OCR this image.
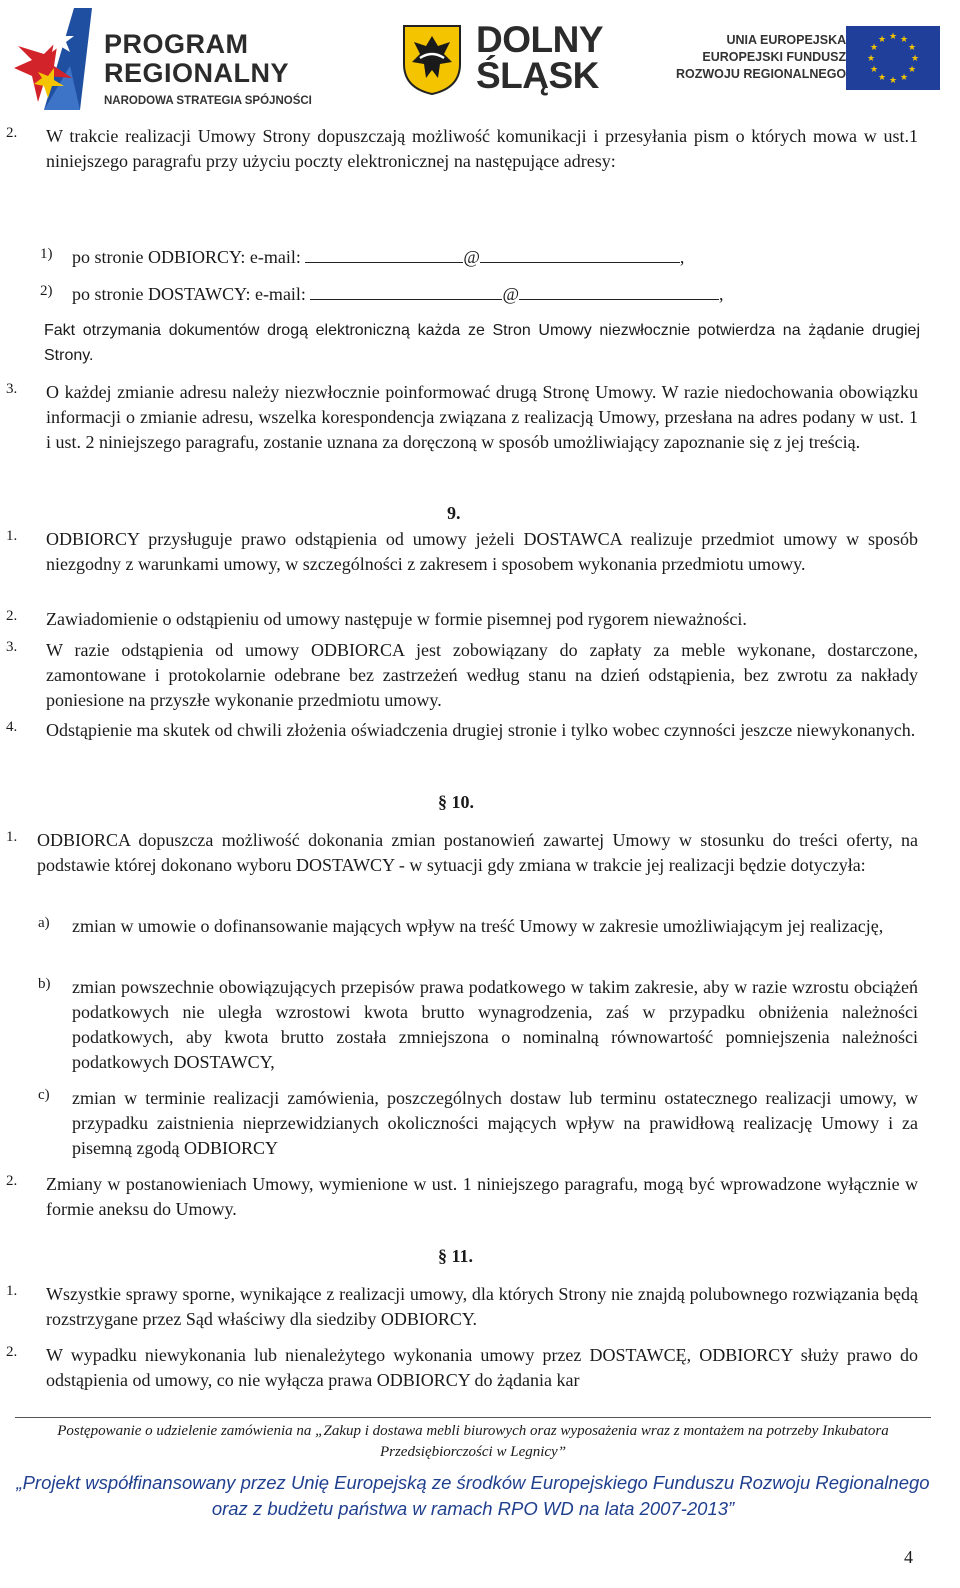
PROGRAM
REGIONALNY
NARODOWA STRATEGIA SPÓJNOŚCI
DOLNY
ŚLĄSK
UNIA EUROPEJSKA
EUROPEJSKI FUNDUSZ
ROZWOJU REGIONALNEGO
★ ★
★
★
★
★
★
★
★
★
★
★
2. W trakcie realizacji Umowy Strony dopuszczają możliwość komunikacji i przesyłania pism o których mowa w ust.1 niniejszego paragrafu przy użyciu poczty elektronicznej na następujące adresy:
1) po stronie ODBIORCY: e-mail:	@	,
2) po stronie DOSTAWCY: e-mail:	@	,
Fakt otrzymania dokumentów drogą elektroniczną każda ze Stron Umowy niezwłocznie potwierdza na żądanie drugiej Strony.
3. O każdej zmianie adresu należy niezwłocznie poinformować drugą Stronę Umowy. W razie niedochowania obowiązku informacji o zmianie adresu, wszelka korespondencja związana z realizacją Umowy, przesłana na adres podany w ust. 1 i ust. 2 niniejszego paragrafu, zostanie uznana za doręczoną w sposób umożliwiający zapoznanie się z jej treścią.
9.
1. ODBIORCY przysługuje prawo odstąpienia od umowy jeżeli DOSTAWCA realizuje przedmiot umowy w sposób niezgodny z warunkami umowy, w szczególności z zakresem i sposobem wykonania przedmiotu umowy.
2. Zawiadomienie o odstąpieniu od umowy następuje w formie pisemnej pod rygorem nieważności.
3. W razie odstąpienia od umowy ODBIORCA jest zobowiązany do zapłaty za meble wykonane, dostarczone, zamontowane i protokolarnie odebrane bez zastrzeżeń według stanu na dzień odstąpienia, bez zwrotu za nakłady poniesione na przyszłe wykonanie przedmiotu umowy.
4. Odstąpienie ma skutek od chwili złożenia oświadczenia drugiej stronie i tylko wobec czynności jeszcze niewykonanych.
§ 10.
1. ODBIORCA dopuszcza możliwość dokonania zmian postanowień zawartej Umowy w stosunku do treści oferty, na podstawie której dokonano wyboru DOSTAWCY - w sytuacji gdy zmiana w trakcie jej realizacji będzie dotyczyła:
a) zmian w umowie o dofinansowanie mających wpływ na treść Umowy w zakresie umożliwiającym jej realizację,
b) zmian powszechnie obowiązujących przepisów prawa podatkowego w takim zakresie, aby w razie wzrostu obciążeń podatkowych nie uległa wzrostowi kwota brutto wynagrodzenia, zaś w przypadku obniżenia należności podatkowych, aby kwota brutto została zmniejszona o nominalną równowartość pomniejszenia należności podatkowych DOSTAWCY,
c) zmian w terminie realizacji zamówienia, poszczególnych dostaw lub terminu ostatecznego realizacji umowy, w przypadku zaistnienia nieprzewidzianych okoliczności mających wpływ na prawidłową realizację Umowy i za pisemną zgodą ODBIORCY
2. Zmiany w postanowieniach Umowy, wymienione w ust. 1 niniejszego paragrafu, mogą być wprowadzone wyłącznie w formie aneksu do Umowy.
§ 11.
1. Wszystkie sprawy sporne, wynikające z realizacji umowy, dla których Strony nie znajdą polubownego rozwiązania będą rozstrzygane przez Sąd właściwy dla siedziby ODBIORCY.
2. W wypadku niewykonania lub nienależytego wykonania umowy przez DOSTAWCĘ, ODBIORCY służy prawo do odstąpienia od umowy, co nie wyłącza prawa ODBIORCY do żądania kar
Postępowanie o udzielenie zamówienia na „Zakup i dostawa mebli biurowych oraz wyposażenia wraz z montażem na potrzeby Inkubatora Przedsiębiorczości w Legnicy”
„Projekt współfinansowany przez Unię Europejską ze środków Europejskiego Funduszu Rozwoju Regionalnego oraz z budżetu państwa w ramach RPO WD na lata 2007-2013”
4
